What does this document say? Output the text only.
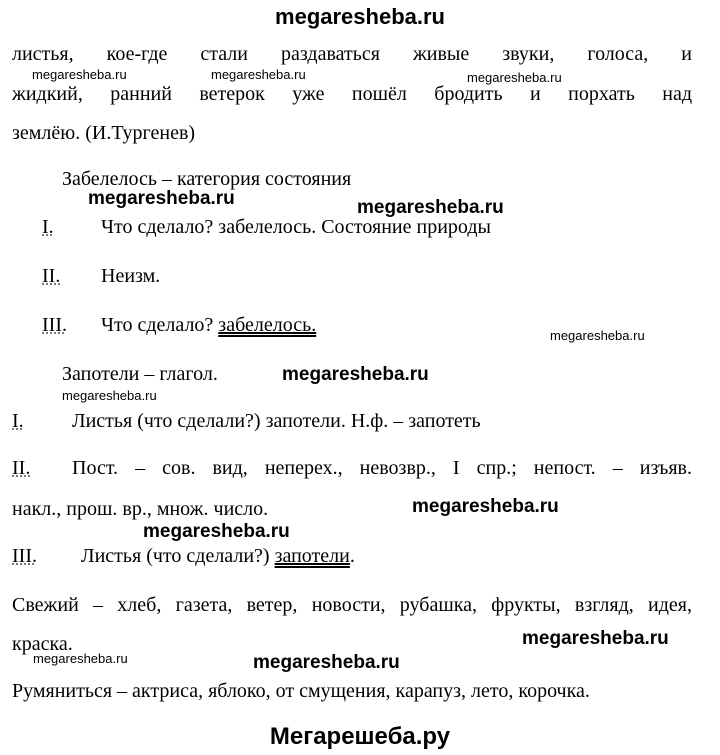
megaresheba.ru
листья, кое-где стали раздаваться живые звуки, голоса, и
жидкий, ранний ветерок уже пошёл бродить и порхать над
землёю. (И.Тургенев)
Забелелось – категория состояния
I. Что сделало? забелелось. Состояние природы
II. Неизм.
III. Что сделало? забелелось.
Запотели – глагол.
I. Листья (что сделали?) запотели. Н.ф. – запотеть
II. Пост. – сов. вид, неперех., невозвр., I спр.; непост. – изъяв.
накл., прош. вр., множ. число.
III. Листья (что сделали?) запотели.
Свежий – хлеб, газета, ветер, новости, рубашка, фрукты, взгляд, идея,
краска.
Румяниться – актриса, яблоко, от смущения, карапуз, лето, корочка.
Мегарешеба.ру
megaresheba.ru	megaresheba.ru	megaresheba.ru
megaresheba.ru	megaresheba.ru
megaresheba.ru
megaresheba.ru
megaresheba.ru
megaresheba.ru
megaresheba.ru
megaresheba.ru
megaresheba.ru	megaresheba.ru
